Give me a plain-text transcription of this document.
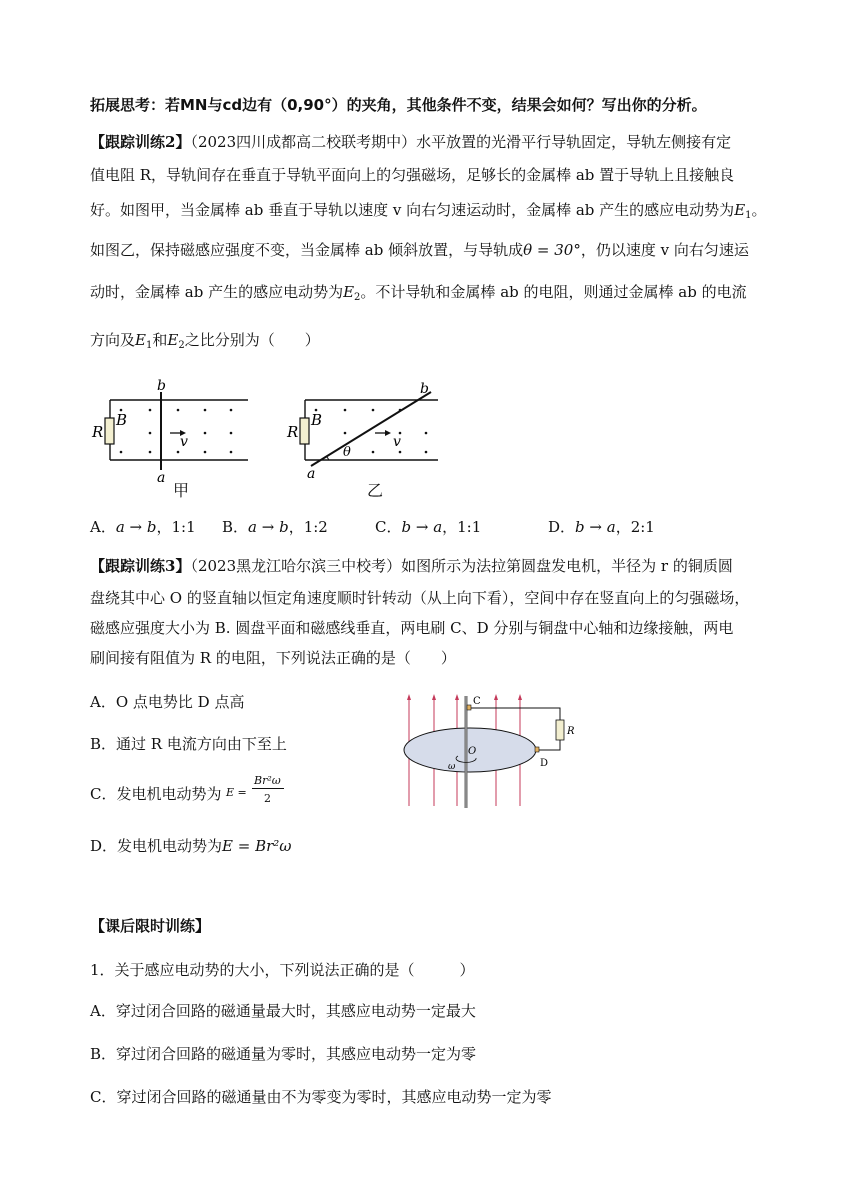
拓展思考：若MN与cd边有（0,90°）的夹角，其他条件不变，结果会如何？写出你的分析。
【跟踪训练2】（2023四川成都高二校联考期中）水平放置的光滑平行导轨固定，导轨左侧接有定
值电阻 R，导轨间存在垂直于导轨平面向上的匀强磁场，足够长的金属棒 ab 置于导轨上且接触良
好。如图甲，当金属棒 ab 垂直于导轨以速度 v 向右匀速运动时，金属棒 ab 产生的感应电动势为$E_1$。
如图乙，保持磁感应强度不变，当金属棒 ab 倾斜放置，与导轨成θ = 30°，仍以速度 v 向右匀速运
动时，金属棒 ab 产生的感应电动势为$E_2$。不计导轨和金属棒 ab 的电阻，则通过金属棒 ab 的电流
方向及$E_1$和$E_2$之比分别为（　　）
R
B
b
a
v
甲
R
B
b
a
θ
v
乙
A．a → b，1:1 B．a → b，1:2	C．b → a，1:1	D．b → a，2:1
【跟踪训练3】（2023黑龙江哈尔滨三中校考）如图所示为法拉第圆盘发电机，半径为 r 的铜质圆
盘绕其中心 O 的竖直轴以恒定角速度顺时针转动（从上向下看），空间中存在竖直向上的匀强磁场，
磁感应强度大小为 B. 圆盘平面和磁感线垂直，两电刷 C、D 分别与铜盘中心轴和边缘接触，两电
刷间接有阻值为 R 的电阻，下列说法正确的是（　　）
A．O 点电势比 D 点高
B．通过 R 电流方向由下至上
C．发电机电动势为 E =
Br²ω
2
D．发电机电动势为E = Br²ω
C
R
D
O
ω
【课后限时训练】
1．关于感应电动势的大小，下列说法正确的是（　　　）
A．穿过闭合回路的磁通量最大时，其感应电动势一定最大
B．穿过闭合回路的磁通量为零时，其感应电动势一定为零
C．穿过闭合回路的磁通量由不为零变为零时，其感应电动势一定为零
